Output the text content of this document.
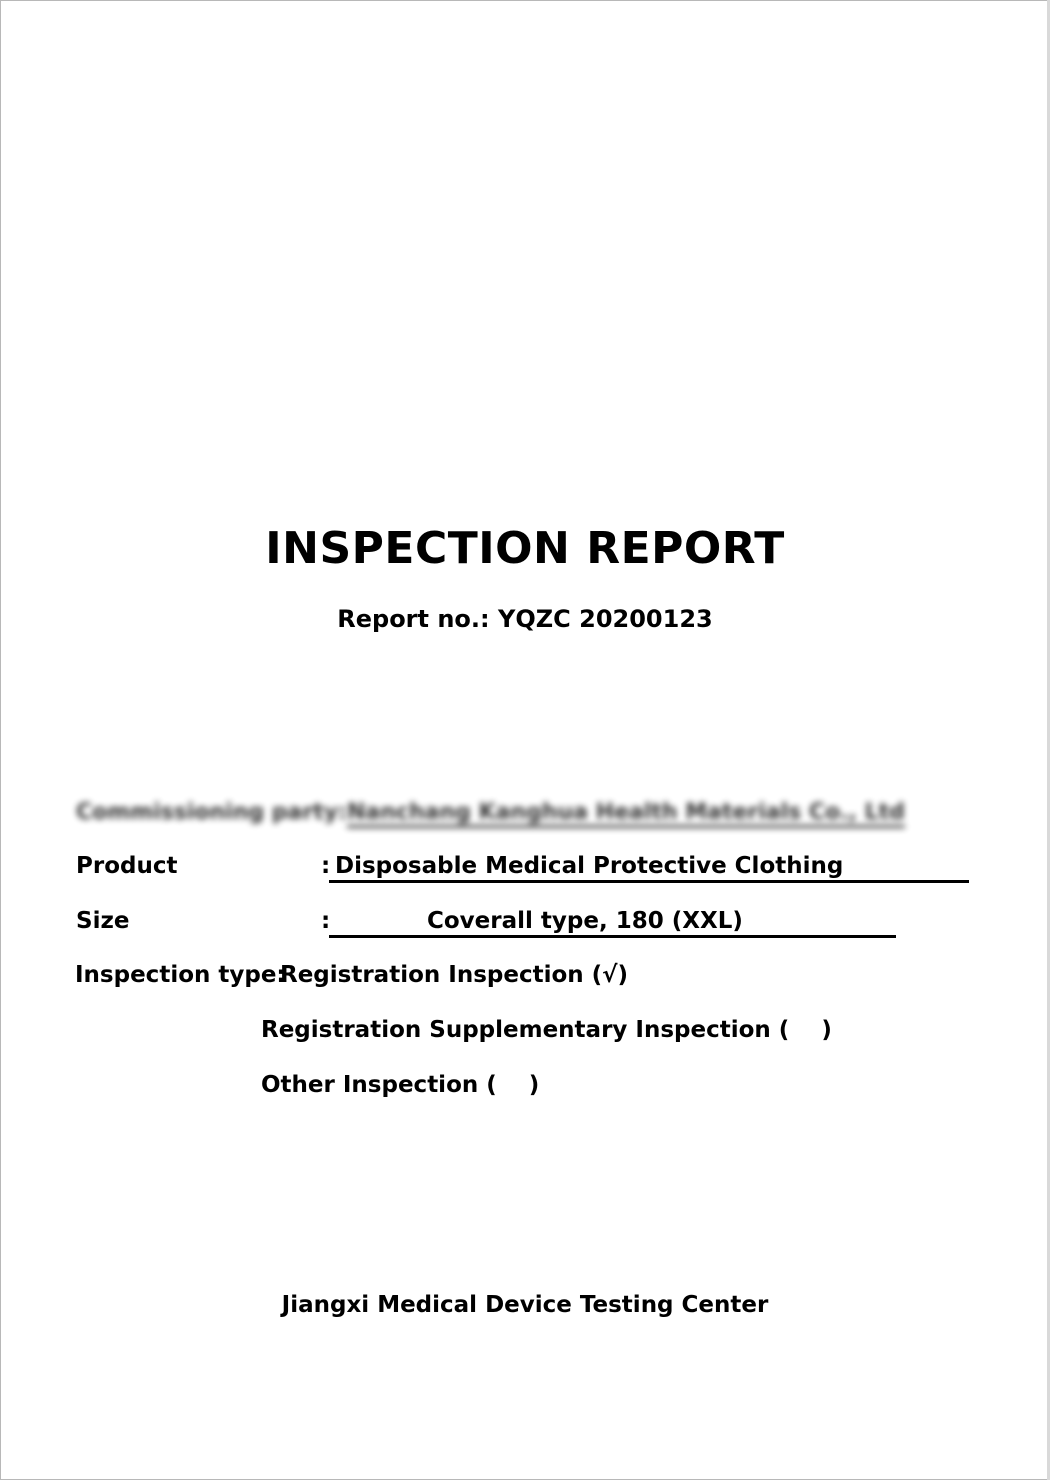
INSPECTION REPORT
Report no.: YQZC 20200123
Commissioning party: Nanchang Kanghua Health Materials Co., Ltd
Product	: Disposable Medical Protective Clothing
Size	:	Coverall type, 180 (XXL)
Inspection type:
Registration Inspection (√)
Registration Supplementary Inspection (    )
Other Inspection (    )
Jiangxi Medical Device Testing Center
